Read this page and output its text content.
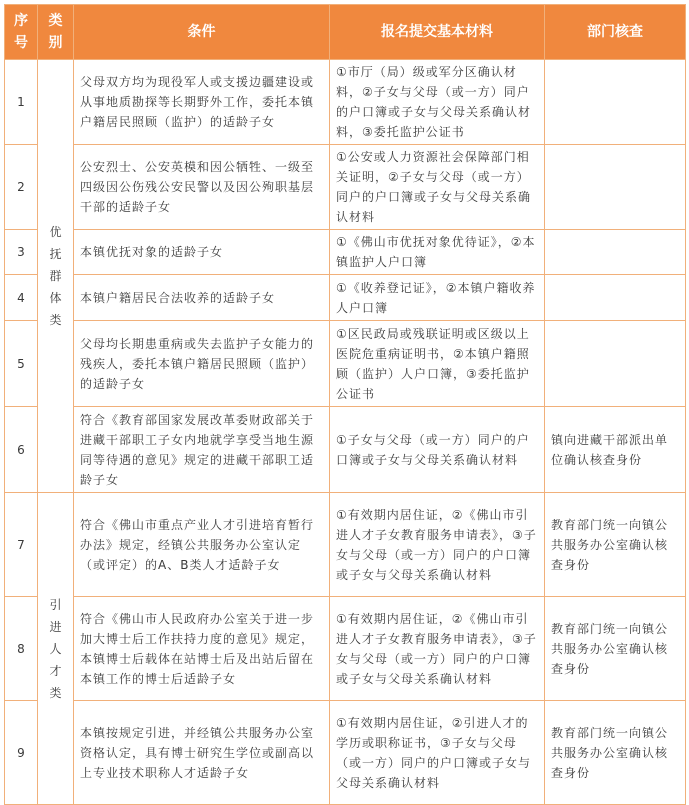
序号	类别	条件	报名提交基本材料	部门核查
1	优抚群体类	父母双方均为现役军人或支援边疆建设或从事地质勘探等长期野外工作，委托本镇户籍居民照顾（监护）的适龄子女	①市厅（局）级或军分区确认材料，②子女与父母（或一方）同户的户口簿或子女与父母关系确认材料，③委托监护公证书	
2		公安烈士、公安英模和因公牺牲、一级至四级因公伤残公安民警以及因公殉职基层干部的适龄子女	①公安或人力资源社会保障部门相关证明，②子女与父母（或一方）同户的户口簿或子女与父母关系确认材料	
3		本镇优抚对象的适龄子女	①《佛山市优抚对象优待证》，②本镇监护人户口簿	
4		本镇户籍居民合法收养的适龄子女	①《收养登记证》，②本镇户籍收养人户口簿	
5		父母均长期患重病或失去监护子女能力的残疾人，委托本镇户籍居民照顾（监护）的适龄子女	①区民政局或残联证明或区级以上医院危重病证明书，②本镇户籍照顾（监护）人户口簿，③委托监护公证书	
6		符合《教育部国家发展改革委财政部关于进藏干部职工子女内地就学享受当地生源同等待遇的意见》规定的进藏干部职工适龄子女	①子女与父母（或一方）同户的户口簿或子女与父母关系确认材料	镇向进藏干部派出单位确认核查身份
7	引进人才类	符合《佛山市重点产业人才引进培育暂行办法》规定，经镇公共服务办公室认定（或评定）的A、B类人才适龄子女	①有效期内居住证，②《佛山市引进人才子女教育服务申请表》，③子女与父母（或一方）同户的户口簿或子女与父母关系确认材料	教育部门统一向镇公共服务办公室确认核查身份
8		符合《佛山市人民政府办公室关于进一步加大博士后工作扶持力度的意见》规定，本镇博士后载体在站博士后及出站后留在本镇工作的博士后适龄子女	①有效期内居住证，②《佛山市引进人才子女教育服务申请表》，③子女与父母（或一方）同户的户口簿或子女与父母关系确认材料	教育部门统一向镇公共服务办公室确认核查身份
9		本镇按规定引进，并经镇公共服务办公室资格认定，具有博士研究生学位或副高以上专业技术职称人才适龄子女	①有效期内居住证，②引进人才的学历或职称证书，③子女与父母（或一方）同户的户口簿或子女与父母关系确认材料	教育部门统一向镇公共服务办公室确认核查身份
